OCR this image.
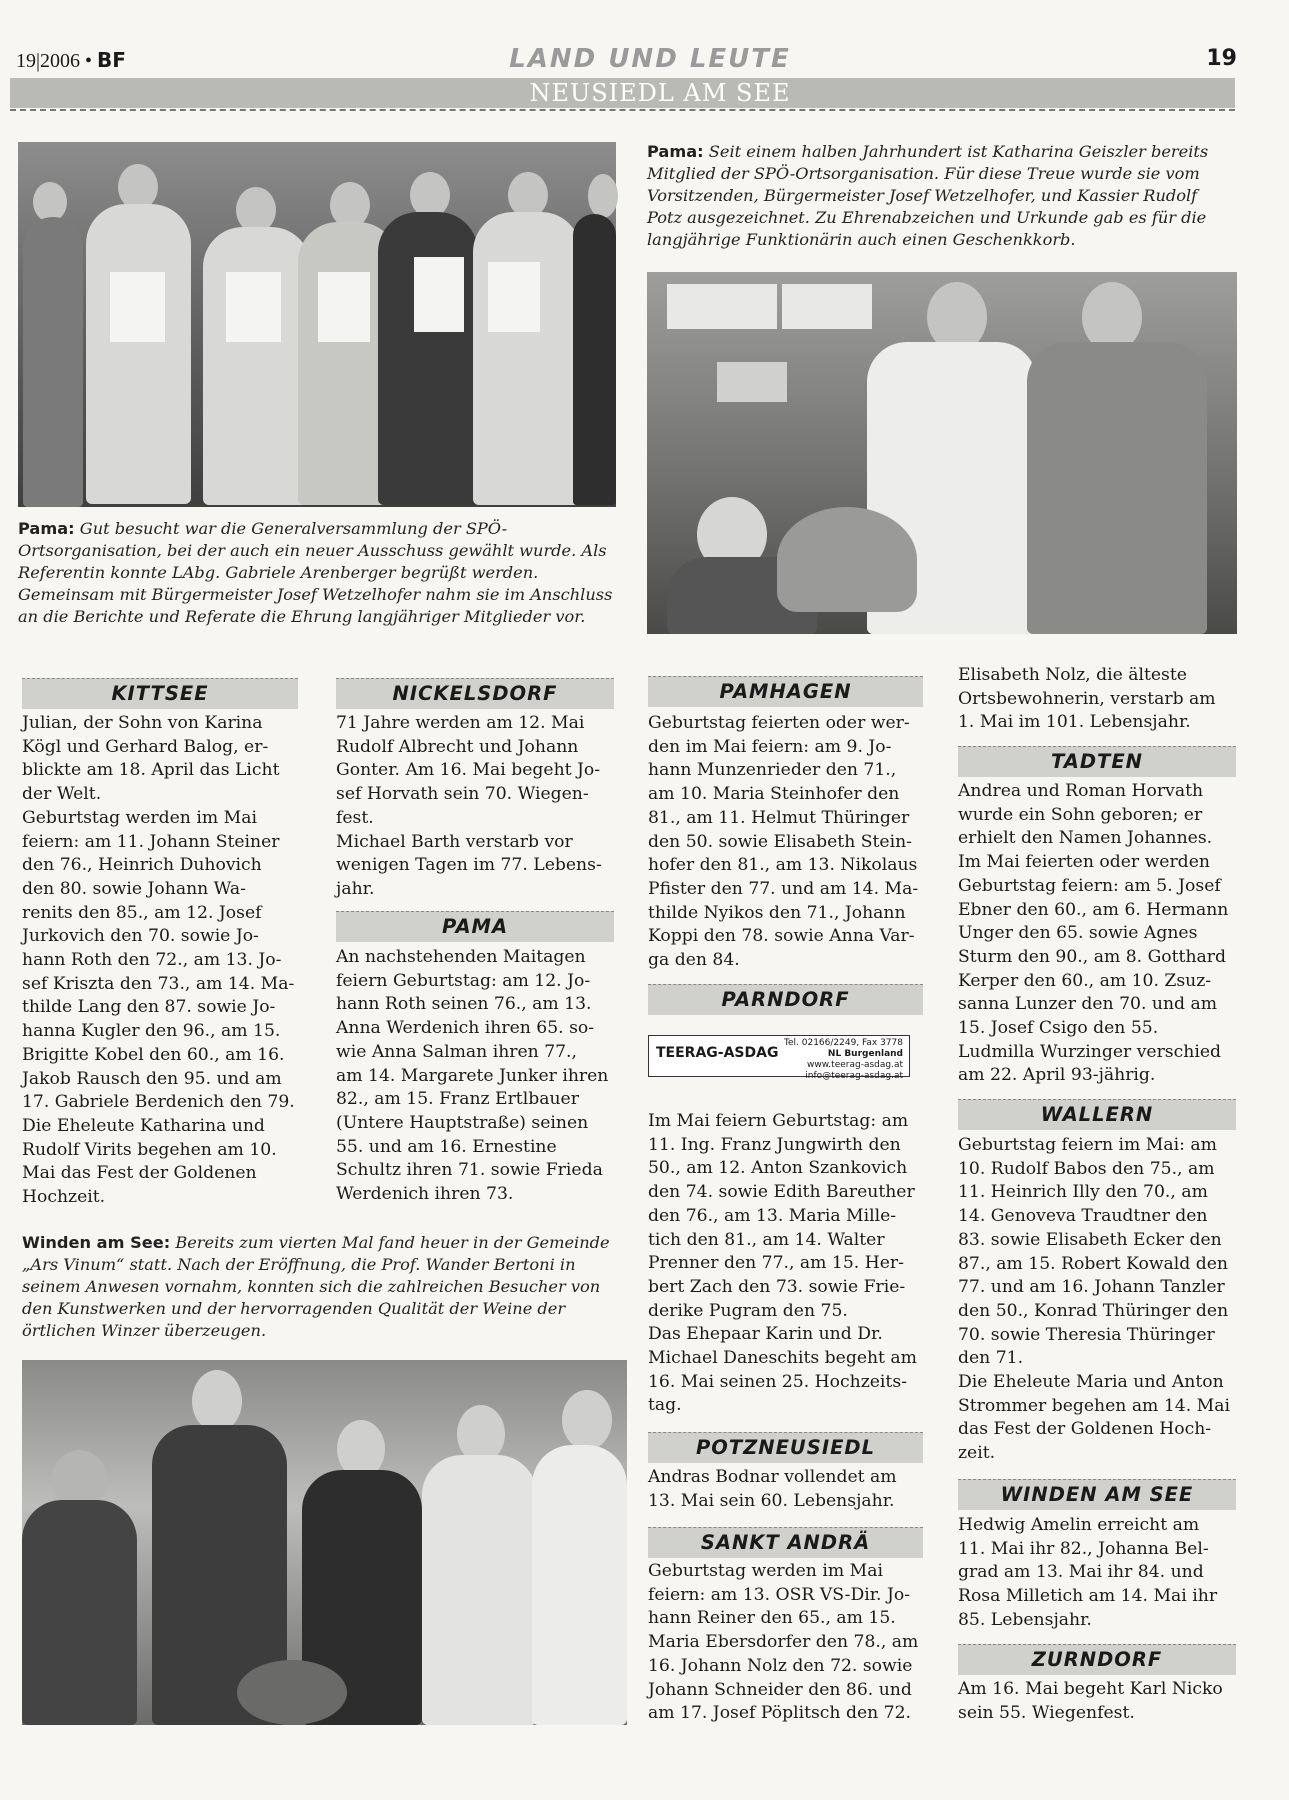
19|2006 • BF	LAND UND LEUTE	19
NEUSIEDL AM SEE
Pama: Gut besucht war die Generalversammlung der SPÖ-Ortsorganisation, bei der auch ein neuer Ausschuss gewählt wurde. Als Referentin konnte LAbg. Gabriele Arenberger begrüßt werden. Gemeinsam mit Bürgermeister Josef Wetzelhofer nahm sie im Anschluss an die Berichte und Referate die Ehrung langjähriger Mitglieder vor.
Pama: Seit einem halben Jahrhundert ist Katharina Geiszler bereits Mitglied der SPÖ-Ortsorganisation. Für diese Treue wurde sie vom Vorsitzenden, Bürgermeister Josef Wetzelhofer, und Kassier Rudolf Potz ausgezeichnet. Zu Ehrenabzeichen und Urkunde gab es für die langjährige Funktionärin auch einen Geschenkkorb.
KITTSEE

Julian, der Sohn von Karina
Kögl und Gerhard Balog, er-
blickte am 18. April das Licht
der Welt.
Geburtstag werden im Mai
feiern: am 11. Johann Steiner
den 76., Heinrich Duhovich
den 80. sowie Johann Wa-
renits den 85., am 12. Josef
Jurkovich den 70. sowie Jo-
hann Roth den 72., am 13. Jo-
sef Kriszta den 73., am 14. Ma-
thilde Lang den 87. sowie Jo-
hanna Kugler den 96., am 15.
Brigitte Kobel den 60., am 16.
Jakob Rausch den 95. und am
17. Gabriele Berdenich den 79.
Die Eheleute Katharina und
Rudolf Virits begehen am 10.
Mai das Fest der Goldenen
Hochzeit.

NICKELSDORF

71 Jahre werden am 12. Mai
Rudolf Albrecht und Johann
Gonter. Am 16. Mai begeht Jo-
sef Horvath sein 70. Wiegen-
fest.
Michael Barth verstarb vor
wenigen Tagen im 77. Lebens-
jahr.

PAMA

An nachstehenden Maitagen
feiern Geburtstag: am 12. Jo-
hann Roth seinen 76., am 13.
Anna Werdenich ihren 65. so-
wie Anna Salman ihren 77.,
am 14. Margarete Junker ihren
82., am 15. Franz Ertlbauer
(Untere Hauptstraße) seinen
55. und am 16. Ernestine
Schultz ihren 71. sowie Frieda
Werdenich ihren 73.

Winden am See: Bereits zum vierten Mal fand heuer in der Gemeinde „Ars Vinum“ statt. Nach der Eröffnung, die Prof. Wander Bertoni in seinem Anwesen vornahm, konnten sich die zahlreichen Besucher von den Kunstwerken und der hervorragenden Qualität der Weine der örtlichen Winzer überzeugen.
PAMHAGEN

Geburtstag feierten oder wer-
den im Mai feiern: am 9. Jo-
hann Munzenrieder den 71.,
am 10. Maria Steinhofer den
81., am 11. Helmut Thüringer
den 50. sowie Elisabeth Stein-
hofer den 81., am 13. Nikolaus
Pfister den 77. und am 14. Ma-
thilde Nyikos den 71., Johann
Koppi den 78. sowie Anna Var-
ga den 84.

PARNDORF
TEERAG-ASDAG
Tel. 02166/2249, Fax 3778
NL Burgenland
www.teerag-asdag.at
info@teerag-asdag.at

Im Mai feiern Geburtstag: am
11. Ing. Franz Jungwirth den
50., am 12. Anton Szankovich
den 74. sowie Edith Bareuther
den 76., am 13. Maria Mille-
tich den 81., am 14. Walter
Prenner den 77., am 15. Her-
bert Zach den 73. sowie Frie-
derike Pugram den 75.
Das Ehepaar Karin und Dr.
Michael Daneschits begeht am
16. Mai seinen 25. Hochzeits-
tag.

POTZNEUSIEDL

Andras Bodnar vollendet am
13. Mai sein 60. Lebensjahr.

SANKT ANDRÄ

Geburtstag werden im Mai
feiern: am 13. OSR VS-Dir. Jo-
hann Reiner den 65., am 15.
Maria Ebersdorfer den 78., am
16. Johann Nolz den 72. sowie
Johann Schneider den 86. und
am 17. Josef Pöplitsch den 72.

Elisabeth Nolz, die älteste
Ortsbewohnerin, verstarb am
1. Mai im 101. Lebensjahr.

TADTEN

Andrea und Roman Horvath
wurde ein Sohn geboren; er
erhielt den Namen Johannes.
Im Mai feierten oder werden
Geburtstag feiern: am 5. Josef
Ebner den 60., am 6. Hermann
Unger den 65. sowie Agnes
Sturm den 90., am 8. Gotthard
Kerper den 60., am 10. Zsuz-
sanna Lunzer den 70. und am
15. Josef Csigo den 55.
Ludmilla Wurzinger verschied
am 22. April 93-jährig.

WALLERN

Geburtstag feiern im Mai: am
10. Rudolf Babos den 75., am
11. Heinrich Illy den 70., am
14. Genoveva Traudtner den
83. sowie Elisabeth Ecker den
87., am 15. Robert Kowald den
77. und am 16. Johann Tanzler
den 50., Konrad Thüringer den
70. sowie Theresia Thüringer
den 71.
Die Eheleute Maria und Anton
Strommer begehen am 14. Mai
das Fest der Goldenen Hoch-
zeit.

WINDEN AM SEE

Hedwig Amelin erreicht am
11. Mai ihr 82., Johanna Bel-
grad am 13. Mai ihr 84. und
Rosa Milletich am 14. Mai ihr
85. Lebensjahr.

ZURNDORF

Am 16. Mai begeht Karl Nicko
sein 55. Wiegenfest.
